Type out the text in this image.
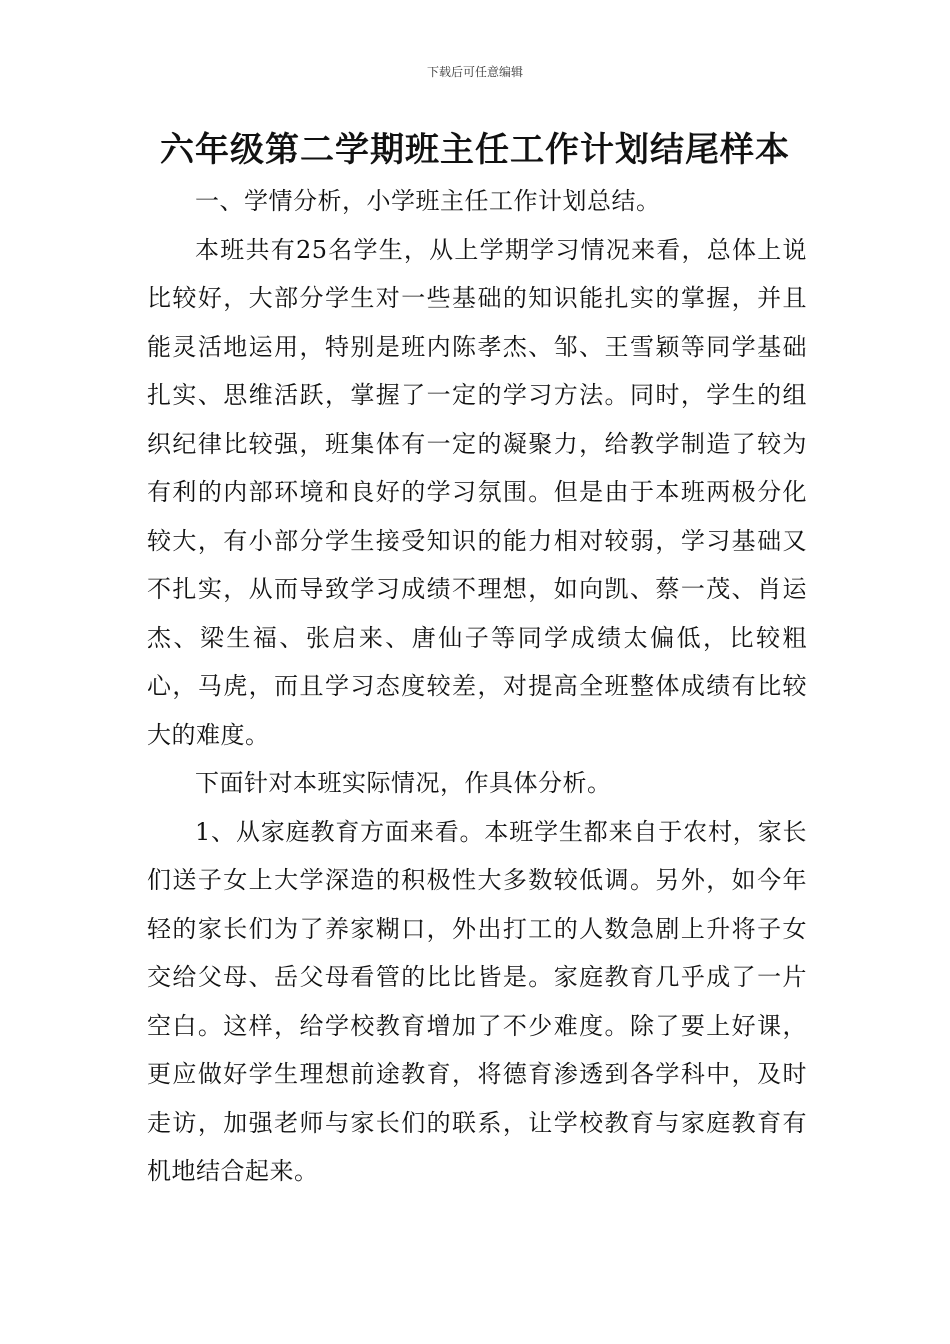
下载后可任意编辑
六年级第二学期班主任工作计划结尾样本

一、学情分析，小学班主任工作计划总结。

本班共有25名学生，从上学期学习情况来看，总体上说比较好，大部分学生对一些基础的知识能扎实的掌握，并且能灵活地运用，特别是班内陈孝杰、邹、王雪颖等同学基础扎实、思维活跃，掌握了一定的学习方法。同时，学生的组织纪律比较强，班集体有一定的凝聚力，给教学制造了较为有利的内部环境和良好的学习氛围。但是由于本班两极分化较大，有小部分学生接受知识的能力相对较弱，学习基础又不扎实，从而导致学习成绩不理想，如向凯、蔡一茂、肖运杰、梁生福、张启来、唐仙子等同学成绩太偏低，比较粗心，马虎，而且学习态度较差，对提高全班整体成绩有比较大的难度。

下面针对本班实际情况，作具体分析。

1、从家庭教育方面来看。本班学生都来自于农村，家长们送子女上大学深造的积极性大多数较低调。另外，如今年轻的家长们为了养家糊口，外出打工的人数急剧上升将子女交给父母、岳父母看管的比比皆是。家庭教育几乎成了一片空白。这样，给学校教育增加了不少难度。除了要上好课，更应做好学生理想前途教育，将德育渗透到各学科中，及时走访，加强老师与家长们的联系，让学校教育与家庭教育有机地结合起来。
